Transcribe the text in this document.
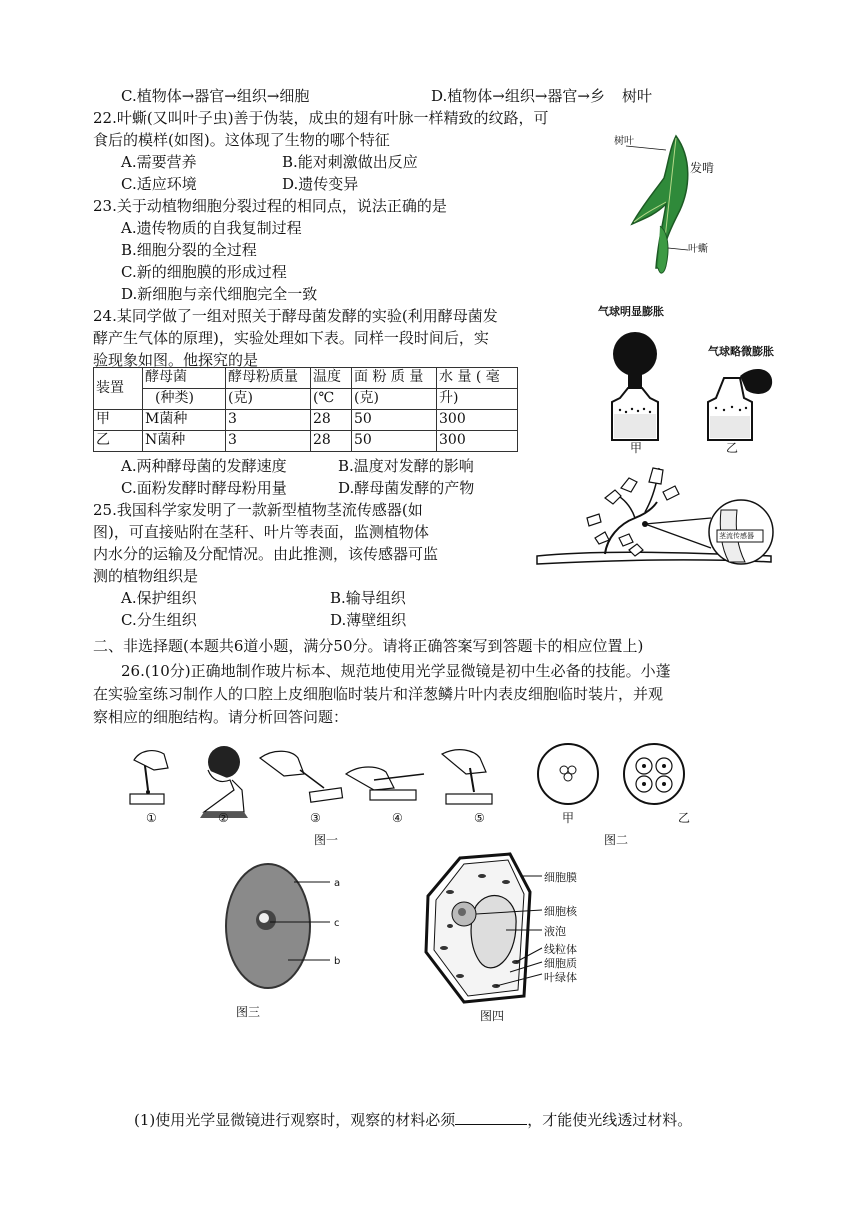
C.植物体→器官→组织→细胞	D.植物体→组织→器官→乡 树叶
22.叶蟖(又叫叶子虫)善于伪装，成虫的翅有叶脉一样精致的纹路，可
食后的模样(如图)。这体现了生物的哪个特征
A.需要营养	B.能对刺激做出反应
C.适应环境	D.遗传变异
树叶
发啃
叶蟖
23.关于动植物细胞分裂过程的相同点，说法正确的是
A.遗传物质的自我复制过程
B.细胞分裂的全过程
C.新的细胞膜的形成过程
D.新细胞与亲代细胞完全一致
24.某同学做了一组对照关于酵母菌发酵的实验(利用酵母菌发
酵产生气体的原理)，实验处理如下表。同样一段时间后，实
验现象如图。他探究的是
装置	酵母菌	酵母粉质量	温度	面 粉 质 量	水 量 ( 毫
	(种类)	(克)	(℃	(克)	升)
甲	M菌种	3	28	50	300
乙	N菌种	3	28	50	300
A.两种酵母菌的发酵速度	B.温度对发酵的影响
C.面粉发酵时酵母粉用量	D.酵母菌发酵的产物
气球明显膨胀
气球略微膨胀
甲	乙
25.我国科学家发明了一款新型植物茎流传感器(如
图)，可直接贴附在茎秆、叶片等表面，监测植物体
内水分的运输及分配情况。由此推测，该传感器可监
测的植物组织是
A.保护组织	B.输导组织
C.分生组织	D.薄壁组织
茎流传感器
二、非选择题(本题共6道小题，满分50分。请将正确答案写到答题卡的相应位置上)
26.(10分)正确地制作玻片标本、规范地使用光学显微镜是初中生必备的技能。小蓬
在实验室练习制作人的口腔上皮细胞临时装片和洋葱鳞片叶内表皮细胞临时装片，并观
察相应的细胞结构。请分析回答问题：
①	②	③	④	⑤
图一
甲	乙
图二
a
c
b
图三
细胞膜
细胞核
液泡
线粒体
细胞质
叶绿体
图四
(1)使用光学显微镜进行观察时，观察的材料必须	，才能使光线透过材料。
